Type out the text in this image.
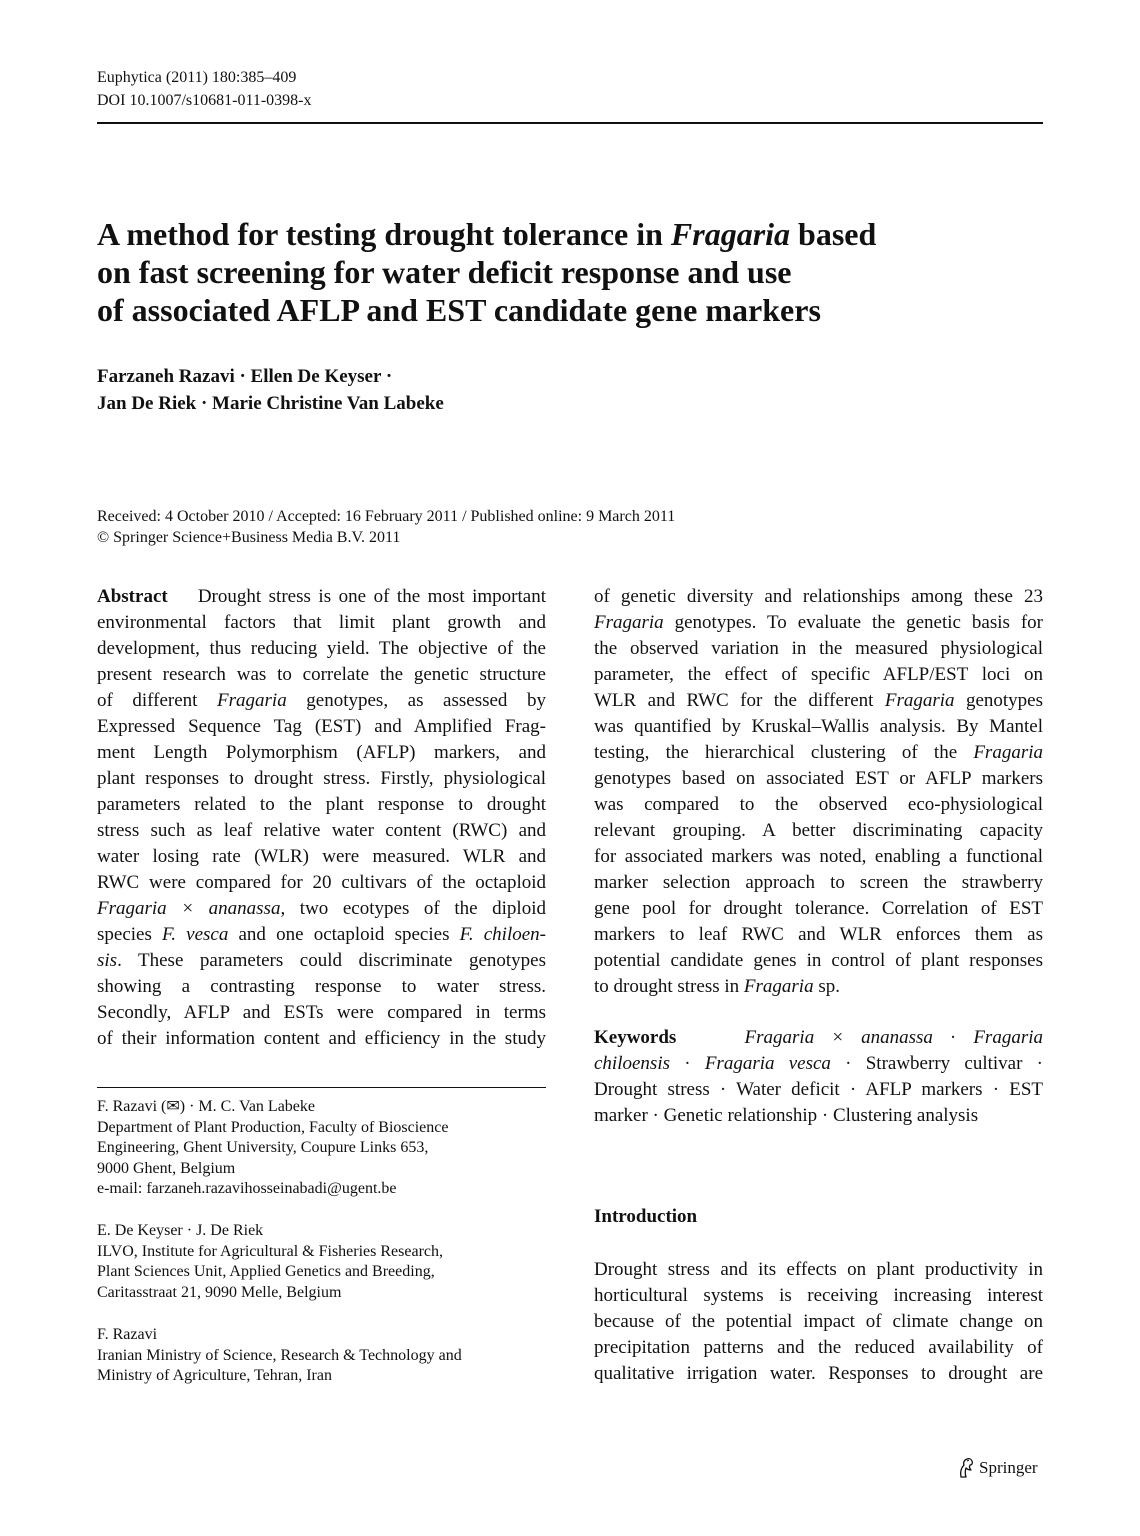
Euphytica (2011) 180:385–409
DOI 10.1007/s10681-011-0398-x
A method for testing drought tolerance in Fragaria based
on fast screening for water deficit response and use
of associated AFLP and EST candidate gene markers
Farzaneh Razavi · Ellen De Keyser ·
Jan De Riek · Marie Christine Van Labeke
Received: 4 October 2010 / Accepted: 16 February 2011 / Published online: 9 March 2011
© Springer Science+Business Media B.V. 2011
Abstract Drought stress is one of the most important
environmental factors that limit plant growth and
development, thus reducing yield. The objective of the
present research was to correlate the genetic structure
of different Fragaria genotypes, as assessed by
Expressed Sequence Tag (EST) and Amplified Frag-
ment Length Polymorphism (AFLP) markers, and
plant responses to drought stress. Firstly, physiological
parameters related to the plant response to drought
stress such as leaf relative water content (RWC) and
water losing rate (WLR) were measured. WLR and
RWC were compared for 20 cultivars of the octaploid
Fragaria × ananassa, two ecotypes of the diploid
species F. vesca and one octaploid species F. chiloen-
sis. These parameters could discriminate genotypes
showing a contrasting response to water stress.
Secondly, AFLP and ESTs were compared in terms
of their information content and efficiency in the study
of genetic diversity and relationships among these 23
Fragaria genotypes. To evaluate the genetic basis for
the observed variation in the measured physiological
parameter, the effect of specific AFLP/EST loci on
WLR and RWC for the different Fragaria genotypes
was quantified by Kruskal–Wallis analysis. By Mantel
testing, the hierarchical clustering of the Fragaria
genotypes based on associated EST or AFLP markers
was compared to the observed eco-physiological
relevant grouping. A better discriminating capacity
for associated markers was noted, enabling a functional
marker selection approach to screen the strawberry
gene pool for drought tolerance. Correlation of EST
markers to leaf RWC and WLR enforces them as
potential candidate genes in control of plant responses
to drought stress in Fragaria sp.
Keywords	Fragaria × ananassa · Fragaria
chiloensis · Fragaria vesca · Strawberry cultivar ·
Drought stress · Water deficit · AFLP markers · EST
marker · Genetic relationship · Clustering analysis
F. Razavi (✉) · M. C. Van Labeke
Department of Plant Production, Faculty of Bioscience
Engineering, Ghent University, Coupure Links 653,
9000 Ghent, Belgium
e-mail: farzaneh.razavihosseinabadi@ugent.be
E. De Keyser · J. De Riek
ILVO, Institute for Agricultural & Fisheries Research,
Plant Sciences Unit, Applied Genetics and Breeding,
Caritasstraat 21, 9090 Melle, Belgium
F. Razavi
Iranian Ministry of Science, Research & Technology and
Ministry of Agriculture, Tehran, Iran
Introduction
Drought stress and its effects on plant productivity in
horticultural systems is receiving increasing interest
because of the potential impact of climate change on
precipitation patterns and the reduced availability of
qualitative irrigation water. Responses to drought are
Springer
